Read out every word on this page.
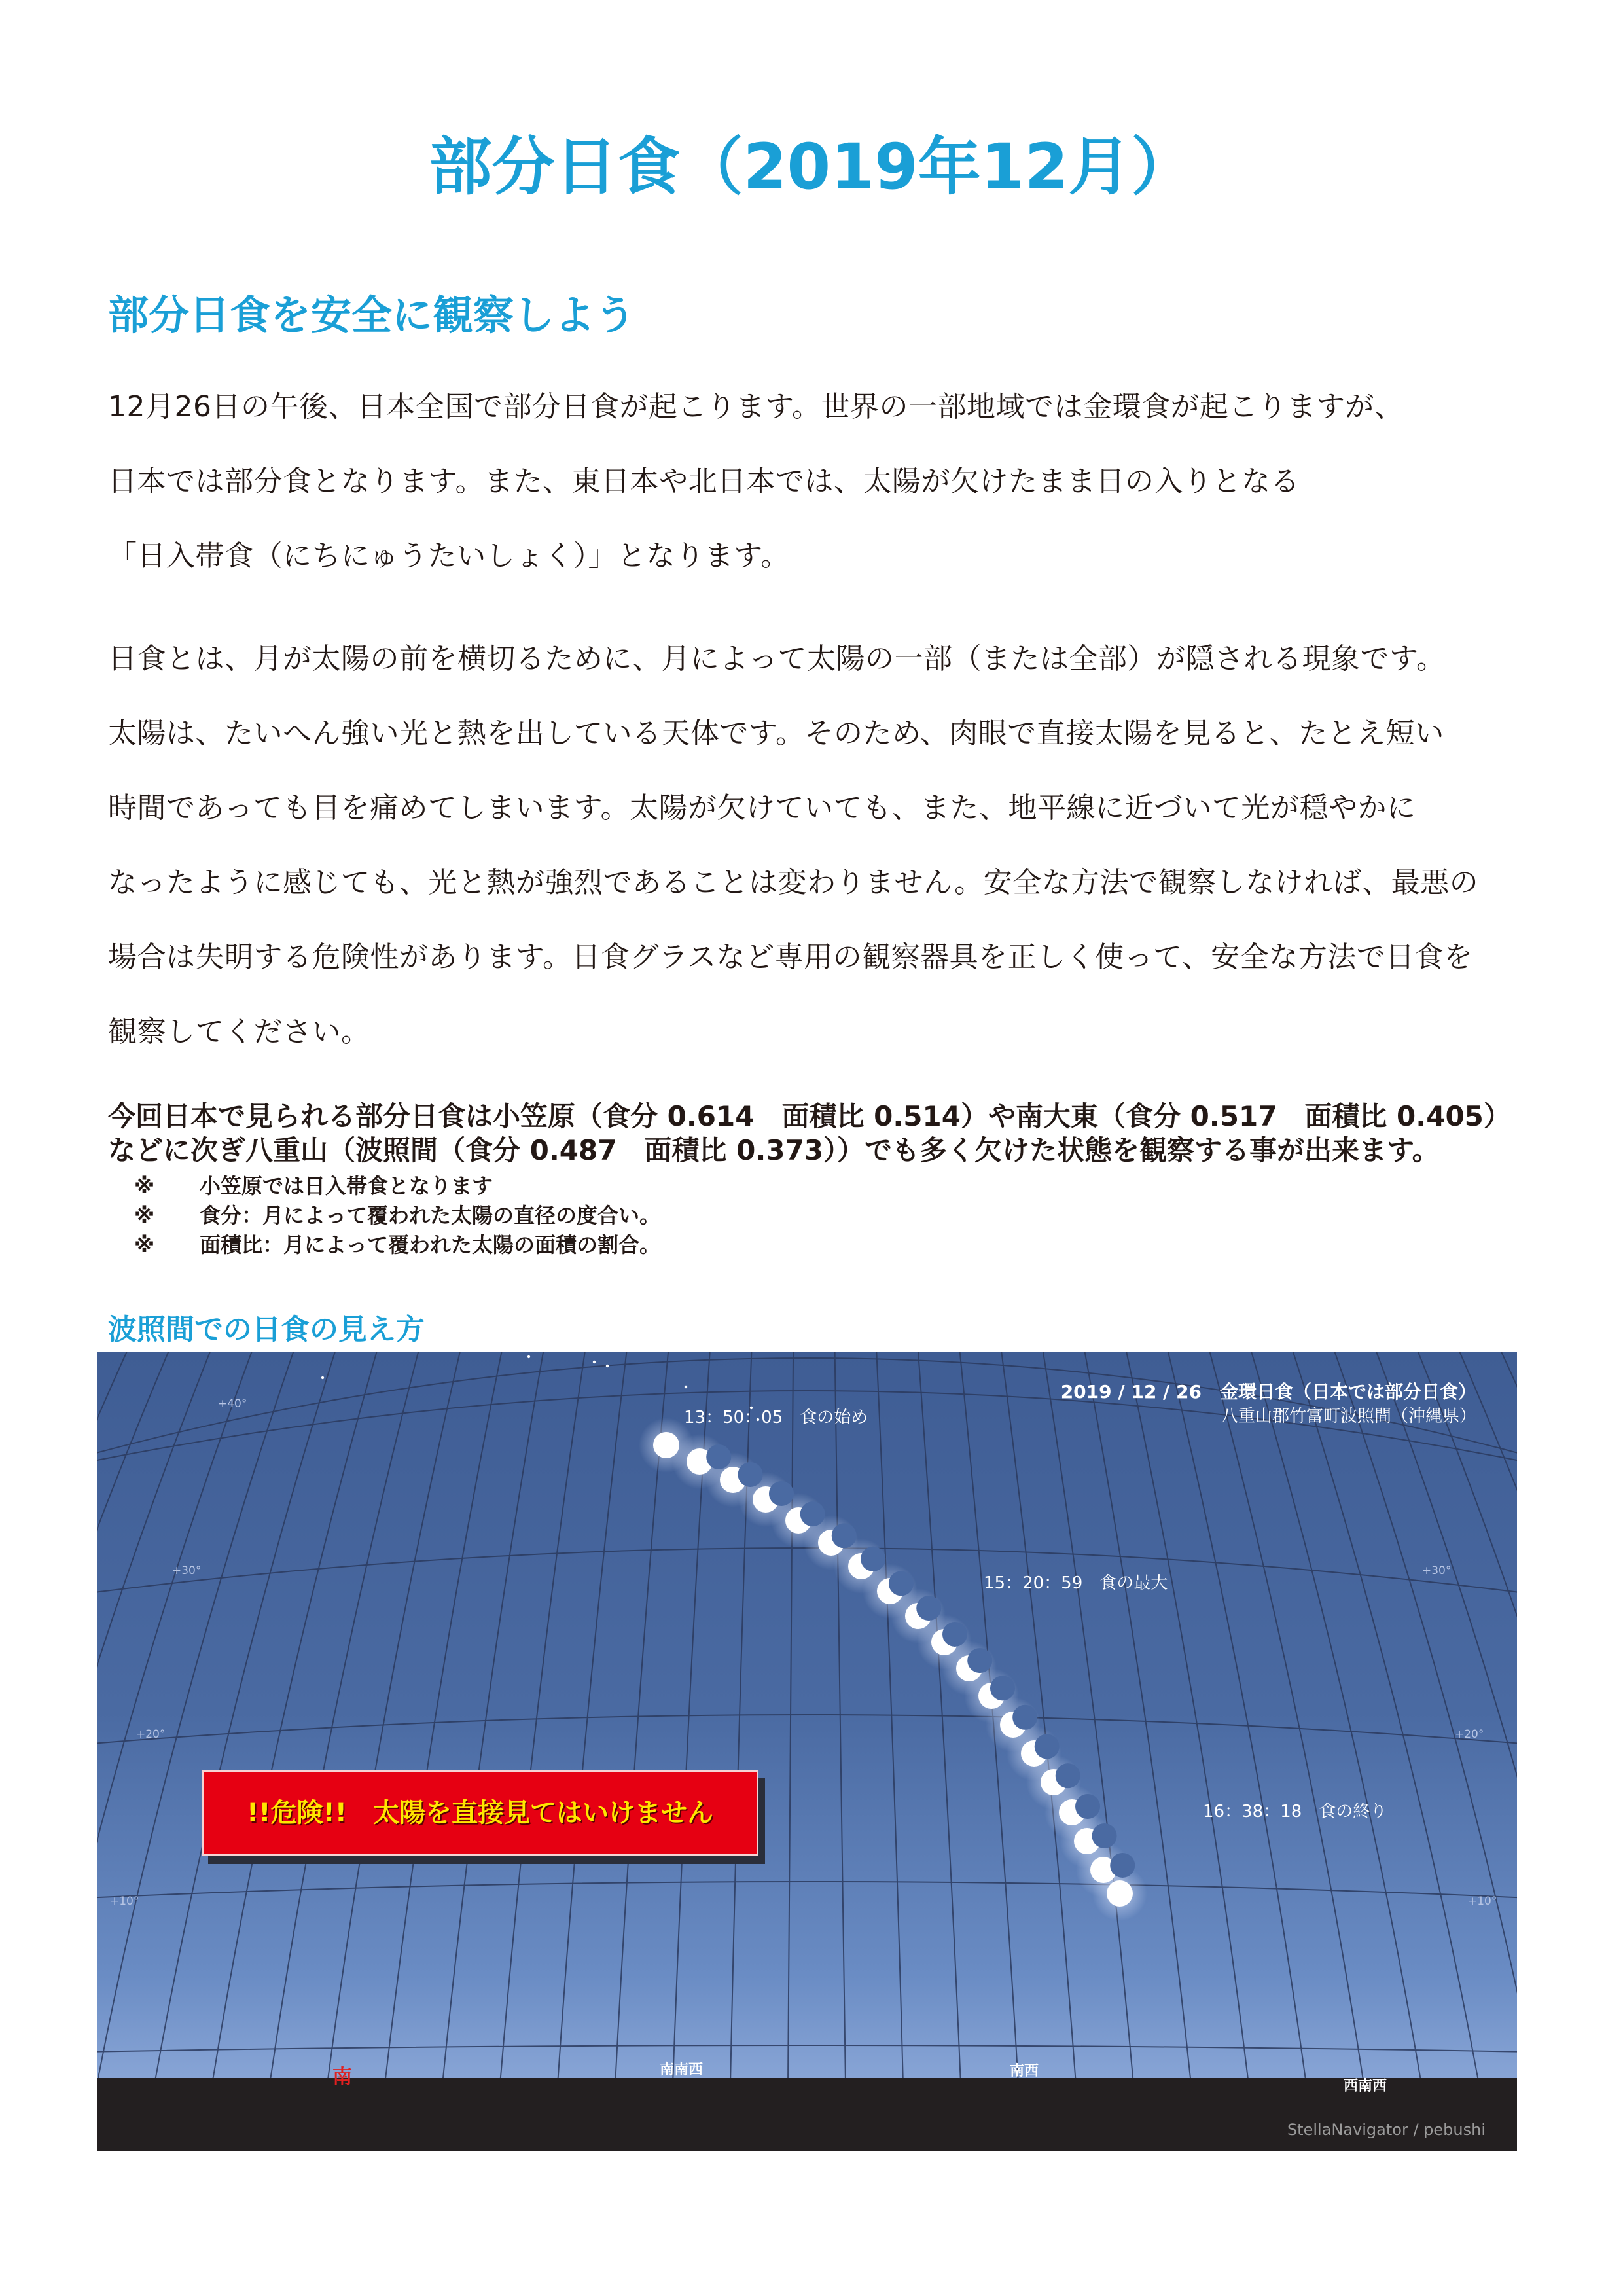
部分日食（2019年12月）
部分日食を安全に観察しよう
12月26日の午後、日本全国で部分日食が起こります。世界の一部地域では金環食が起こりますが、
日本では部分食となります。また、東日本や北日本では、太陽が欠けたまま日の入りとなる
「日入帯食（にちにゅうたいしょく）」となります。
日食とは、月が太陽の前を横切るために、月によって太陽の一部（または全部）が隠される現象です。
太陽は、たいへん強い光と熱を出している天体です。そのため、肉眼で直接太陽を見ると、たとえ短い
時間であっても目を痛めてしまいます。太陽が欠けていても、また、地平線に近づいて光が穏やかに
なったように感じても、光と熱が強烈であることは変わりません。安全な方法で観察しなければ、最悪の
場合は失明する危険性があります。日食グラスなど専用の観察器具を正しく使って、安全な方法で日食を
観察してください。
今回日本で見られる部分日食は小笠原（食分 0.614　面積比 0.514）や南大東（食分 0.517　面積比 0.405）
などに次ぎ八重山（波照間（食分 0.487　面積比 0.373））でも多く欠けた状態を観察する事が出来ます。
※ 小笠原では日入帯食となります
※ 食分：月によって覆われた太陽の直径の度合い。
※ 面積比：月によって覆われた太陽の面積の割合。
波照間での日食の見え方
+40°
+30°	+30°
+20°	+20°
+10°	+10°
2019 / 12 / 26　金環日食（日本では部分日食）
八重山郡竹富町波照間（沖縄県）
13：50：05　食の始め
15：20：59　食の最大
16：38：18　食の終り
!!危険!!　太陽を直接見てはいけません
南	南南西	南西
西南西
StellaNavigator / pebushi
